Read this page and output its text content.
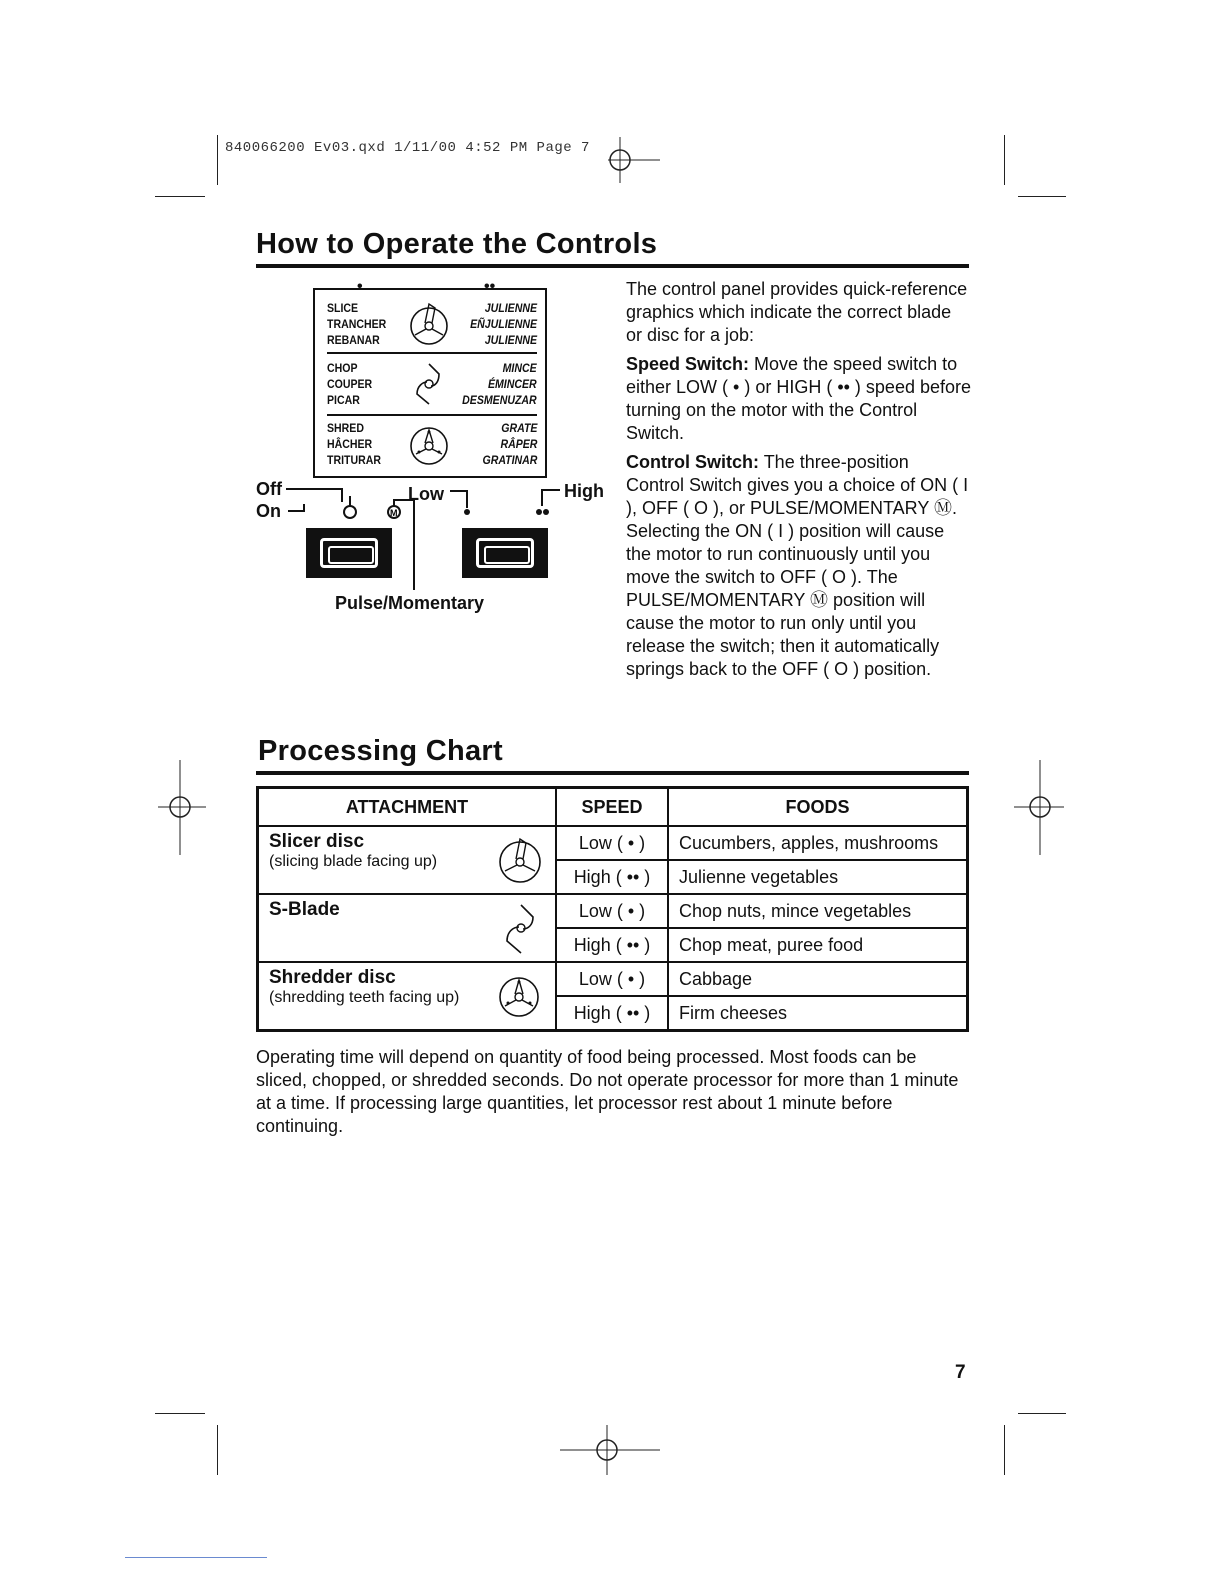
840066200 Ev03.qxd 1/11/00 4:52 PM Page 7
How to Operate the Controls
•	••
SLICE
TRANCHER
REBANAR
JULIENNE
EÑJULIENNE
JULIENNE
CHOP
COUPER
PICAR
MINCE
ÉMINCER
DESMENUZAR
SHRED
HÂCHER
TRITURAR
GRATE
RÂPER
GRATINAR
Off
On
Low	High
Pulse/Momentary
M

The control panel provides quick-reference graphics which indicate the correct blade or disc for a job:

Speed Switch: Move the speed switch to either LOW ( • ) or HIGH ( •• ) speed before turning on the motor with the Control Switch.

Control Switch: The three-position Control Switch gives you a choice of ON ( I ), OFF ( O ), or PULSE/MOMENTARY Ⓜ. Selecting the ON ( I ) position will cause the motor to run continuously until you move the switch to OFF ( O ). The PULSE/MOMENTARY Ⓜ position will cause the motor to run only until you release the switch; then it automatically springs back to the OFF ( O ) position.

Processing Chart
ATTACHMENT	SPEED	FOODS

Slicer disc
(slicing blade facing up)	Low ( • )	Cucumbers, apples, mushrooms
	High ( •• )	Julienne vegetables

S-Blade	Low ( • )	Chop nuts, mince vegetables
	High ( •• )	Chop meat, puree food

Shredder disc
(shredding teeth facing up)	Low ( • )	Cabbage
	High ( •• )	Firm cheeses
Operating time will depend on quantity of food being processed. Most foods can be sliced, chopped, or shredded seconds. Do not operate processor for more than 1 minute at a time. If processing large quantities, let processor rest about 1 minute before continuing.
7
